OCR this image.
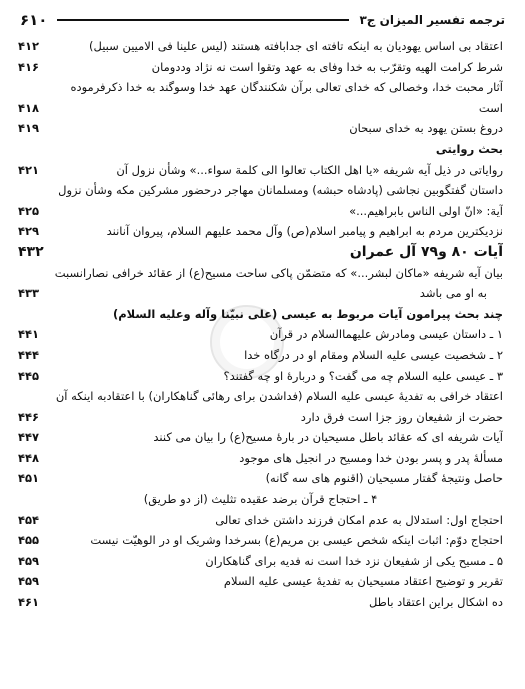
۶۱۰	ترجمه تفسیر المیزان ج۳
اعتقاد بی اساس یهودیان به اینکه تافته ای جدابافته هستند (لیس علینا فی الامیین سبیل)
۴۱۲
شرط کرامت الهیه وتقرّب به خدا وفای به عهد وتقوا است نه نژاد وددومان
۴۱۶
آثار محبت خدا، وخصالی که خدای تعالی برآن شکنندگان عهد خدا وسوگند به خدا ذکرفرموده
است
۴۱۸
دروغ بستن یهود به خدای سبحان
۴۱۹
بحث روایتی
روایاتی در ذیل آیه شریفه «یا اهل الکتاب تعالوا الی کلمة سواء...» وشأن نزول آن
۴۲۱
داستان گفتگوبین نجاشی (پادشاه حبشه) ومسلمانان مهاجر درحضور مشرکین مکه وشأن نزول
آیة: «انّ اولی الناس بابراهیم...»
۴۲۵
نزدیکترین مردم به ابراهیم و پیامبر اسلام(ص) وآل محمد علیهم السلام، پیروان آنانند
۴۲۹
آیات ۸۰ و۷۹ آل عمران
۴۳۲
بیان آیه شریفه «ماکان لبشر...» که متضمّن پاکی ساحت مسیح(ع) از عقائد خرافی نصارانسبت
به او می باشد
۴۳۳
چند بحث پیرامون آیات مربوط به عیسی (علی نبیّنا وآله وعلیه السلام)
۱ ـ داستان عیسی ومادرش علیهماالسلام در قرآن
۴۴۱
۲ ـ شخصیت عیسی علیه السلام ومقام او در درگاه خدا
۴۴۴
۳ ـ عیسی علیه السلام چه می گفت؟ و دربارهٔ او چه گفتند؟
۴۴۵
اعتقاد خرافی به تفدیهٔ عیسی علیه السلام (فداشدن برای رهائی گناهکاران) با اعتقادبه اینکه آن
حضرت از شفیعان روز جزا است فرق دارد
۴۴۶
آیات شریفه ای که عقائد باطل مسیحیان در بارهٔ مسیح(ع) را بیان می کنند
۴۴۷
مسألهٔ پدر و پسر بودن خدا ومسیح در انجیل های موجود
۴۴۸
حاصل ونتیجهٔ گفتار مسیحیان (اقنوم های سه گانه)
۴۵۱
۴ ـ احتجاج قرآن برضد عقیده تثلیث (از دو طریق)
احتجاج اول: استدلال به عدم امکان فرزند داشتن خدای تعالی
۴۵۴
احتجاج دوّم: اثبات اینکه شخص عیسی بن مریم(ع) بسرخدا وشریک او در الوهیّت نیست
۴۵۵
۵ ـ مسیح یکی از شفیعان نزد خدا است نه فدیه برای گناهکاران
۴۵۹
تقریر و توضیح اعتقاد مسیحیان به تفدیهٔ عیسی علیه السلام
۴۵۹
ده اشکال براین اعتقاد باطل
۴۶۱
